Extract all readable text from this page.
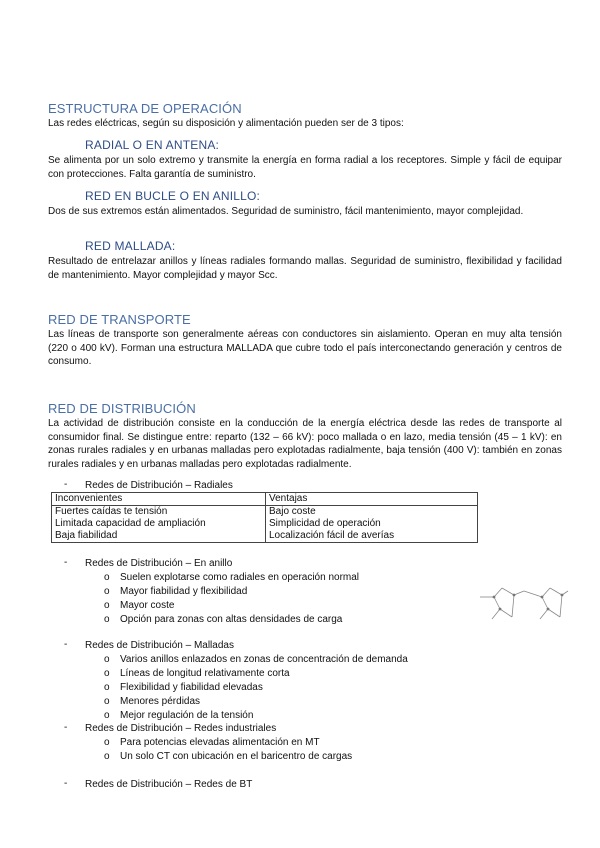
ESTRUCTURA DE OPERACIÓN
Las redes eléctricas, según su disposición y alimentación pueden ser de 3 tipos:
RADIAL O EN ANTENA:
Se alimenta por un solo extremo y transmite la energía en forma radial a los receptores. Simple y fácil de equipar con protecciones. Falta garantía de suministro.
RED EN BUCLE O EN ANILLO:
Dos de sus extremos están alimentados. Seguridad de suministro, fácil mantenimiento, mayor complejidad.
RED MALLADA:
Resultado de entrelazar anillos y líneas radiales formando mallas. Seguridad de suministro, flexibilidad y facilidad de mantenimiento. Mayor complejidad y mayor Scc.
RED DE TRANSPORTE
Las líneas de transporte son generalmente aéreas con conductores sin aislamiento. Operan en muy alta tensión (220 o 400 kV). Forman una estructura MALLADA que cubre todo el país interconectando generación y centros de consumo.
RED DE DISTRIBUCIÓN
La actividad de distribución consiste en la conducción de la energía eléctrica desde las redes de transporte al consumidor final. Se distingue entre: reparto (132 – 66 kV): poco mallada o en lazo, media tensión (45 – 1 kV): en zonas rurales radiales y en urbanas malladas pero explotadas radialmente, baja tensión (400 V): también en zonas rurales radiales y en urbanas malladas pero explotadas radialmente.
- Redes de Distribución – Radiales
Inconvenientes	Ventajas
Fuertes caídas te tensión	Bajo coste
Limitada capacidad de ampliación	Simplicidad de operación
Baja fiabilidad	Localización fácil de averías
- Redes de Distribución – En anillo
o Suelen explotarse como radiales en operación normal
o Mayor fiabilidad y flexibilidad
o Mayor coste
o Opción para zonas con altas densidades de carga
- Redes de Distribución – Malladas
o Varios anillos enlazados en zonas de concentración de demanda
o Líneas de longitud relativamente corta
o Flexibilidad y fiabilidad elevadas
o Menores pérdidas
o Mejor regulación de la tensión
- Redes de Distribución – Redes industriales
o Para potencias elevadas alimentación en MT
o Un solo CT con ubicación en el baricentro de cargas
- Redes de Distribución – Redes de BT
